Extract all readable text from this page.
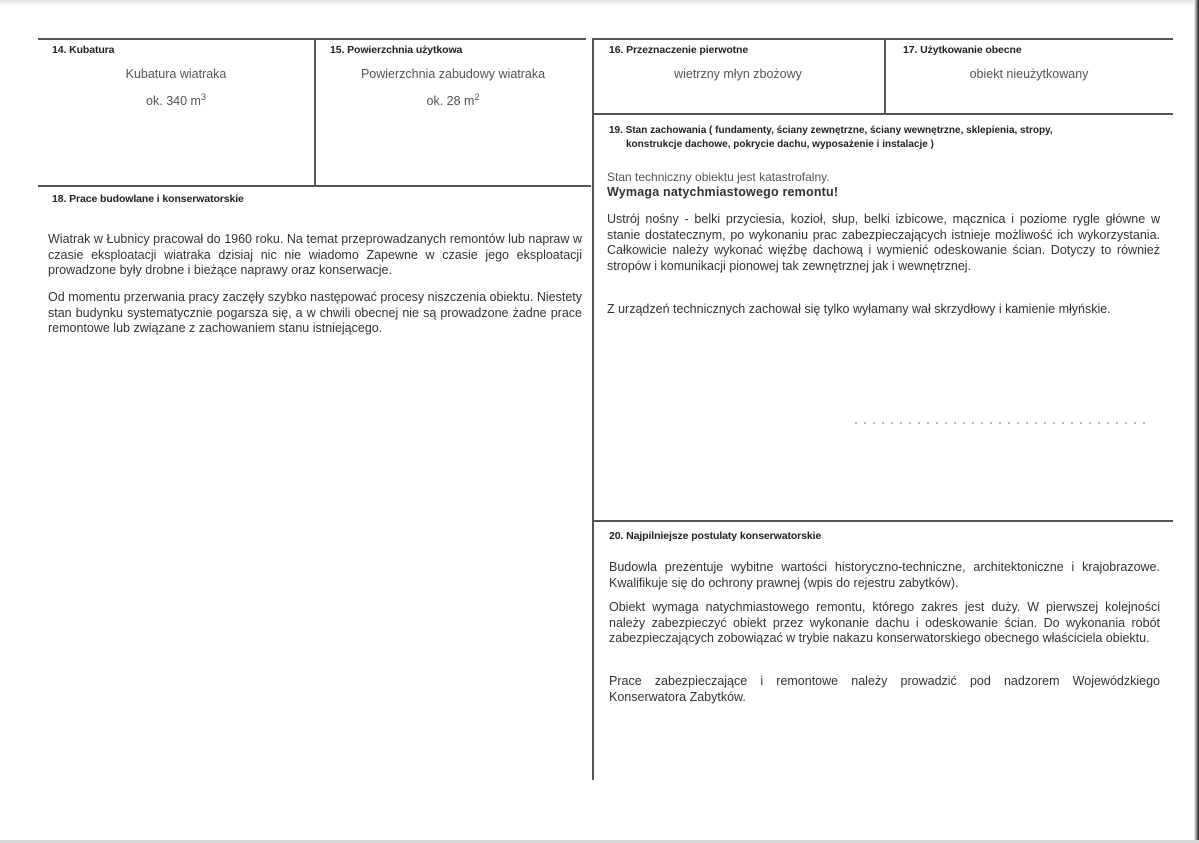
14. Kubatura
Kubatura wiatraka
ok. 340 $m^3$
15. Powierzchnia użytkowa
Powierzchnia zabudowy wiatraka
ok. 28 $m^2$
16. Przeznaczenie pierwotne
wietrzny młyn zbożowy
17. Użytkowanie obecne
obiekt nieużytkowany
18. Prace budowlane i konserwatorskie

Wiatrak w Łubnicy pracował do 1960 roku. Na temat przeprowadzanych remontów lub napraw w czasie eksploatacji wiatraka dzisiaj nic nie wiadomo Zapewne w czasie jego eksploatacji prowadzone były drobne i bieżące naprawy oraz konserwacje.

Od momentu przerwania pracy zaczęły szybko następować procesy niszczenia obiektu. Niestety stan budynku systematycznie pogarsza się, a w chwili obecnej nie są prowadzone żadne prace remontowe lub związane z zachowaniem stanu istniejącego.

19. Stan zachowania ( fundamenty, ściany zewnętrzne, ściany wewnętrzne, sklepienia, stropy,
konstrukcje dachowe, pokrycie dachu, wyposażenie i instalacje )
Stan techniczny obiektu jest katastrofalny.
Wymaga natychmiastowego remontu!

Ustrój nośny - belki przyciesia, kozioł, słup, belki izbicowe, mącznica i poziome rygle główne w stanie dostatecznym, po wykonaniu prac zabezpieczających istnieje możliwość ich wykorzystania. Całkowicie należy wykonać więźbę dachową i wymienić odeskowanie ścian. Dotyczy to również stropów i komunikacji pionowej tak zewnętrznej jak i wewnętrznej.

Z urządzeń technicznych zachował się tylko wyłamany wał skrzydłowy i kamienie młyńskie.

20. Najpilniejsze postulaty konserwatorskie

Budowla prezentuje wybitne wartości historyczno-techniczne, architektoniczne i krajobrazowe. Kwalifikuje się do ochrony prawnej (wpis do rejestru zabytków).

Obiekt wymaga natychmiastowego remontu, którego zakres jest duży. W pierwszej kolejności należy zabezpieczyć obiekt przez wykonanie dachu i odeskowanie ścian. Do wykonania robót zabezpieczających zobowiązać w trybie nakazu konserwatorskiego obecnego właściciela obiektu.

Prace zabezpieczające i remontowe należy prowadzić pod nadzorem Wojewódzkiego Konserwatora Zabytków.
